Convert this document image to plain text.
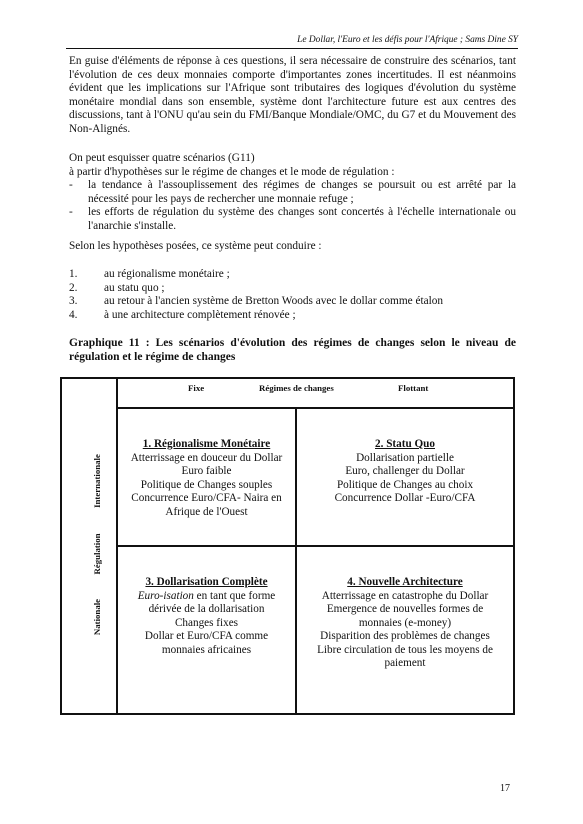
Le Dollar, l'Euro et les défis pour l'Afrique ; Sams Dine SY

En guise d'éléments de réponse à ces questions, il sera nécessaire de construire des scénarios, tant l'évolution de ces deux monnaies comporte d'importantes zones incertitudes. Il est néanmoins évident que les implications sur l'Afrique sont tributaires des logiques d'évolution du système monétaire mondial dans son ensemble, système dont l'architecture future est aux centres des discussions, tant à l'ONU qu'au sein du FMI/Banque Mondiale/OMC, du G7 et du Mouvement des Non-Alignés.

On peut esquisser quatre scénarios (G11)

à partir d'hypothèses sur le régime de changes et le mode de régulation :

-	la tendance à l'assouplissement des régimes de changes se poursuit ou est arrêté par la nécessité pour les pays de rechercher une monnaie refuge ;
-	les efforts de régulation du système des changes sont concertés à l'échelle internationale ou l'anarchie s'installe.

Selon les hypothèses posées, ce système peut conduire :

1.	au régionalisme monétaire ;
2.	au statu quo ;
3.	au retour à l'ancien système de Bretton Woods avec le dollar comme étalon
4.	à une architecture complètement rénovée ;
Graphique 11 : Les scénarios d'évolution des régimes de changes selon le niveau de régulation et le régime de changes
Fixe	Régimes de changes	Flottant
Internationale
Régulation
Nationale
1. Régionalisme Monétaire
Atterrissage en douceur du Dollar
Euro faible
Politique de Changes souples
Concurrence Euro/CFA- Naira en
Afrique de l'Ouest
2. Statu Quo
Dollarisation partielle
Euro, challenger du Dollar
Politique de Changes au choix
Concurrence Dollar -Euro/CFA
3. Dollarisation Complète
Euro-isation en tant que forme
dérivée de la dollarisation
Changes fixes
Dollar et Euro/CFA comme
monnaies africaines
4. Nouvelle Architecture
Atterrissage en catastrophe du Dollar
Emergence de nouvelles formes de
monnaies (e-money)
Disparition des problèmes de changes
Libre circulation de tous les moyens de
paiement
17
